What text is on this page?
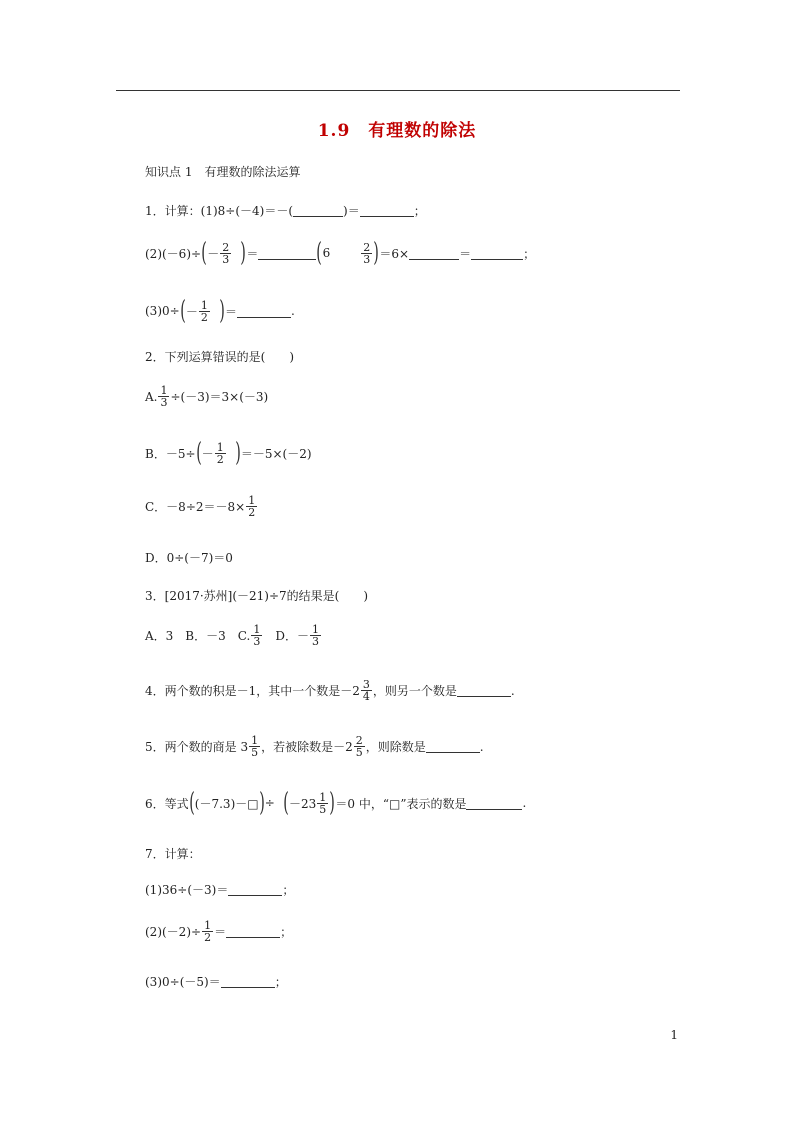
1.9　有理数的除法
知识点 1　有理数的除法运算
1．计算：(1)8÷(－4)＝－(	)＝	；
(2)(－6)÷ ( － $\frac{2}{3}$ ) ＝ ( 6	$\frac{2}{3}$ ) ＝6×	＝	；
(3)0÷ ( － $\frac{1}{2}$ ) ＝	.
2．下列运算错误的是(　　)
A. $\frac{1}{3} \div(-3)=3\times(-3)$
B．－5÷ ( － $\frac{1}{2}$ ) ＝－5×(－2)
C．$-8\div 2=-8\times \frac{1}{2}$
D．0÷(－7)＝0
3．[2017·苏州](－21)÷7的结果是(　　)
A．3　B．－3　C. $\frac{1}{3}$ 　D．－ $\frac{1}{3}$
4．两个数的积是－1，其中一个数是$-2 \frac{3}{4}$ ，则另一个数是	.
5．两个数的商是 $3 \frac{1}{5}$ ，若被除数是$-2 \frac{2}{5}$ ，则除数是	.
6．等式 ( (－7.3)－□ ) ÷ ( $-23 \frac{1}{5}$ ) ＝0 中，“□”表示的数是	.
7．计算：
(1)36÷(－3)＝	；
$(2)(-2)\div \frac{1}{2}$ ＝	；
(3)0÷(－5)＝	；
1
